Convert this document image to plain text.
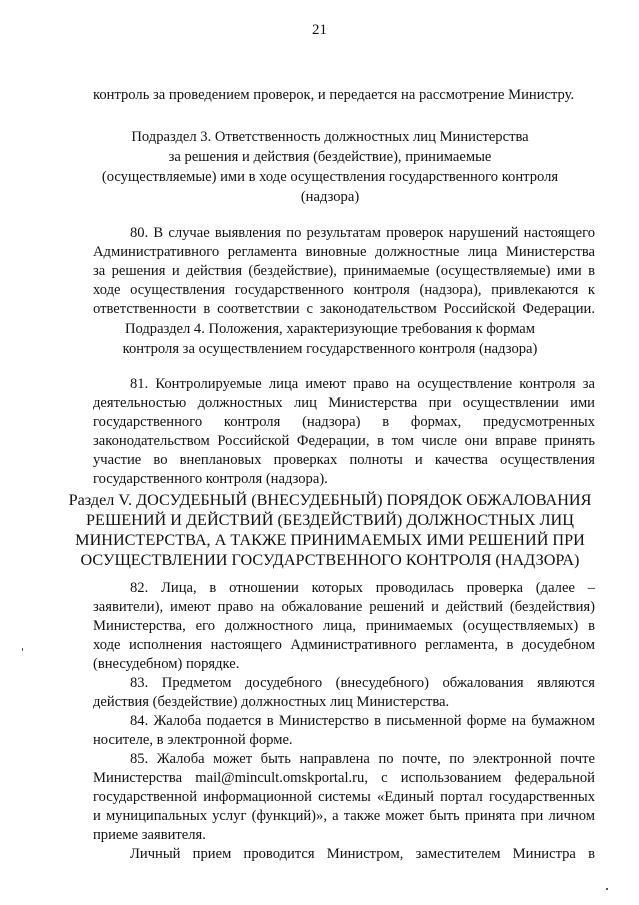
21
контроль за проведением проверок, и передается на рассмотрение Министру.
Подраздел 3. Ответственность должностных лиц Министерства
за решения и действия (бездействие), принимаемые
(осуществляемые) ими в ходе осуществления государственного контроля
(надзора)
80. В случае выявления по результатам проверок нарушений настоящего
Административного регламента виновные должностные лица Министерства
за решения и действия (бездействие), принимаемые (осуществляемые) ими в
ходе осуществления государственного контроля (надзора), привлекаются к
ответственности в соответствии с законодательством Российской Федерации.
Подраздел 4. Положения, характеризующие требования к формам
контроля за осуществлением государственного контроля (надзора)
81. Контролируемые лица имеют право на осуществление контроля за
деятельностью должностных лиц Министерства при осуществлении ими
государственного контроля (надзора) в формах, предусмотренных
законодательством Российской Федерации, в том числе они вправе принять
участие во внеплановых проверках полноты и качества осуществления
государственного контроля (надзора).
Раздел V. ДОСУДЕБНЫЙ (ВНЕСУДЕБНЫЙ) ПОРЯДОК ОБЖАЛОВАНИЯ
РЕШЕНИЙ И ДЕЙСТВИЙ (БЕЗДЕЙСТВИЙ) ДОЛЖНОСТНЫХ ЛИЦ
МИНИСТЕРСТВА, А ТАКЖЕ ПРИНИМАЕМЫХ ИМИ РЕШЕНИЙ ПРИ
ОСУЩЕСТВЛЕНИИ ГОСУДАРСТВЕННОГО КОНТРОЛЯ (НАДЗОРА)
82. Лица, в отношении которых проводилась проверка (далее –
заявители), имеют право на обжалование решений и действий (бездействия)
Министерства, его должностного лица, принимаемых (осуществляемых) в
ходе исполнения настоящего Административного регламента, в досудебном
(внесудебном) порядке.
83. Предметом досудебного (внесудебного) обжалования являются
действия (бездействие) должностных лиц Министерства.
84. Жалоба подается в Министерство в письменной форме на бумажном
носителе, в электронной форме.
85. Жалоба может быть направлена по почте, по электронной почте
Министерства mail@mincult.omskportal.ru, с использованием федеральной
государственной информационной системы «Единый портал государственных
и муниципальных услуг (функций)», а также может быть принята при личном
приеме заявителя.
Личный прием проводится Министром, заместителем Министра в
